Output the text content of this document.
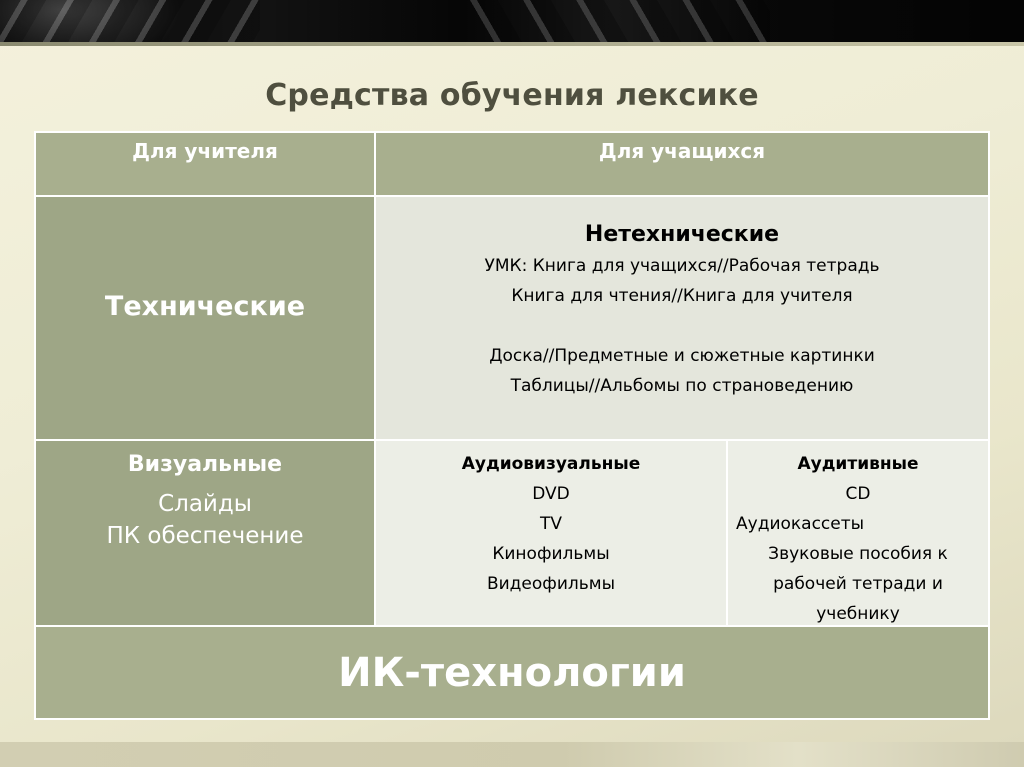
Средства обучения лексике
Для учителя	Для учащихся
Технические
Нетехнические
УМК: Книга для учащихся//Рабочая тетрадь
Книга для чтения//Книга для учителя
Доска//Предметные и сюжетные картинки
Таблицы//Альбомы по страноведению
Визуальные
Слайды
ПК обеспечение
Аудиовизуальные
DVD
TV
Кинофильмы
Видеофильмы
Аудитивные
CD
Аудиокассеты
Звуковые пособия к
рабочей тетради и
учебнику
ИК-технологии
